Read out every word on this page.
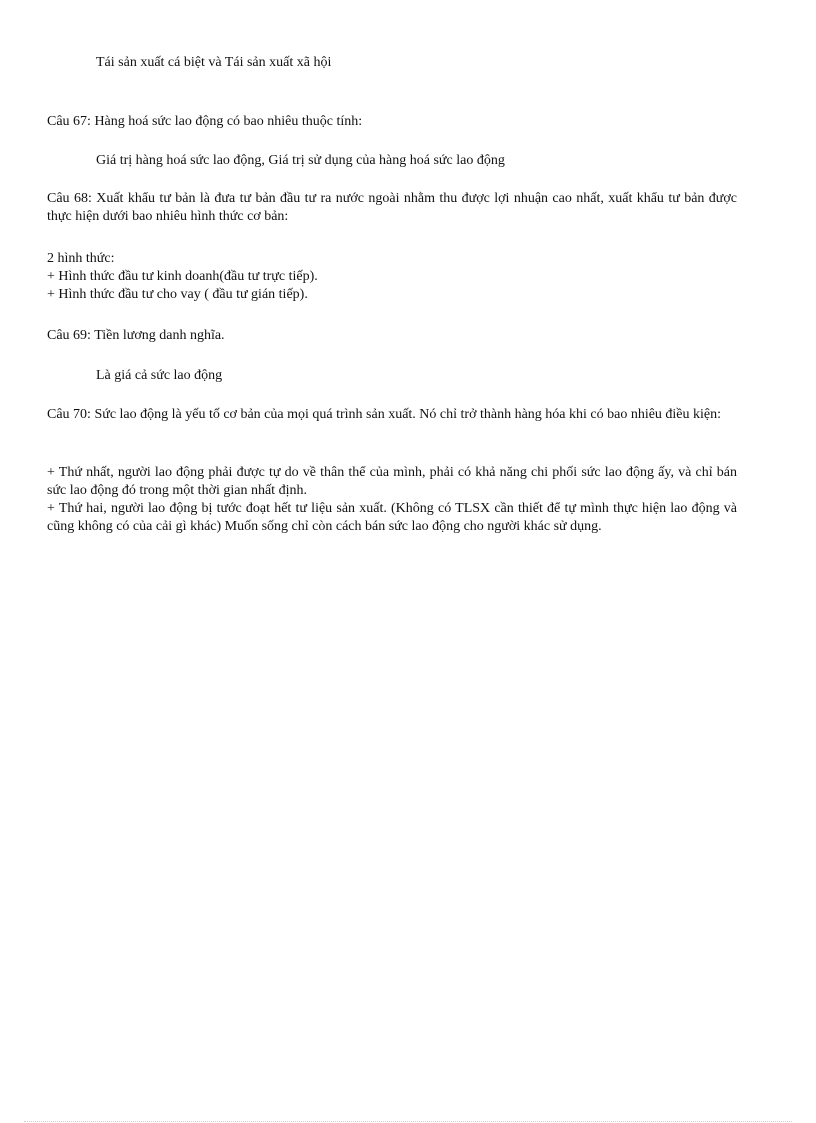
Tái sản xuất cá biệt và Tái sản xuất xã hội
Câu 67: Hàng hoá sức lao động có bao nhiêu thuộc tính:
Giá trị hàng hoá sức lao động, Giá trị sử dụng của hàng hoá sức lao động
Câu 68: Xuất khẩu tư bản là đưa tư bản đầu tư ra nước ngoài nhằm thu được lợi nhuận cao nhất, xuất khẩu tư bản được thực hiện dưới bao nhiêu hình thức cơ bản:
2 hình thức:
+ Hình thức đầu tư kinh doanh(đầu tư trực tiếp).
+ Hình thức đầu tư cho vay ( đầu tư gián tiếp).
Câu 69: Tiền lương danh nghĩa.
Là giá cả sức lao động
Câu 70: Sức lao động là yếu tố cơ bản của mọi quá trình sản xuất. Nó chỉ trở thành hàng hóa khi có bao nhiêu điều kiện:
+ Thứ nhất, người lao động phải được tự do về thân thể của mình, phải có khả năng chi phối sức lao động ấy, và chỉ bán sức lao động đó trong một thời gian nhất định.
+ Thứ hai, người lao động bị tước đoạt hết tư liệu sản xuất. (Không có TLSX cần thiết để tự mình thực hiện lao động và cũng không có của cải gì khác) Muốn sống chỉ còn cách bán sức lao động cho người khác sử dụng.
